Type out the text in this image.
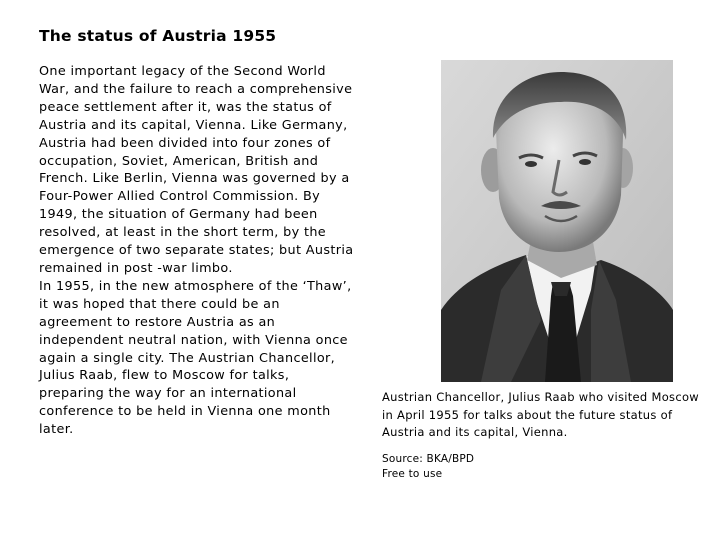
The status of Austria 1955

One important legacy of the Second World War, and the failure to reach a comprehensive peace settlement after it, was the status of Austria and its capital, Vienna. Like Germany, Austria had been divided into four zones of occupation, Soviet, American, British and French. Like Berlin, Vienna was governed by a Four-Power Allied Control Commission. By 1949, the situation of Germany had been resolved, at least in the short term, by the emergence of two separate states; but Austria remained in post -war limbo.

In 1955, in the new atmosphere of the ‘Thaw’, it was hoped that there could be an agreement to restore Austria as an independent neutral nation, with Vienna once again a single city. The Austrian Chancellor, Julius Raab, flew to Moscow for talks, preparing the way for an international conference to be held in Vienna one month later.

Austrian Chancellor, Julius Raab who visited Moscow in April 1955 for talks about the future status of Austria and its capital, Vienna.
Source: BKA/BPD
Free to use
